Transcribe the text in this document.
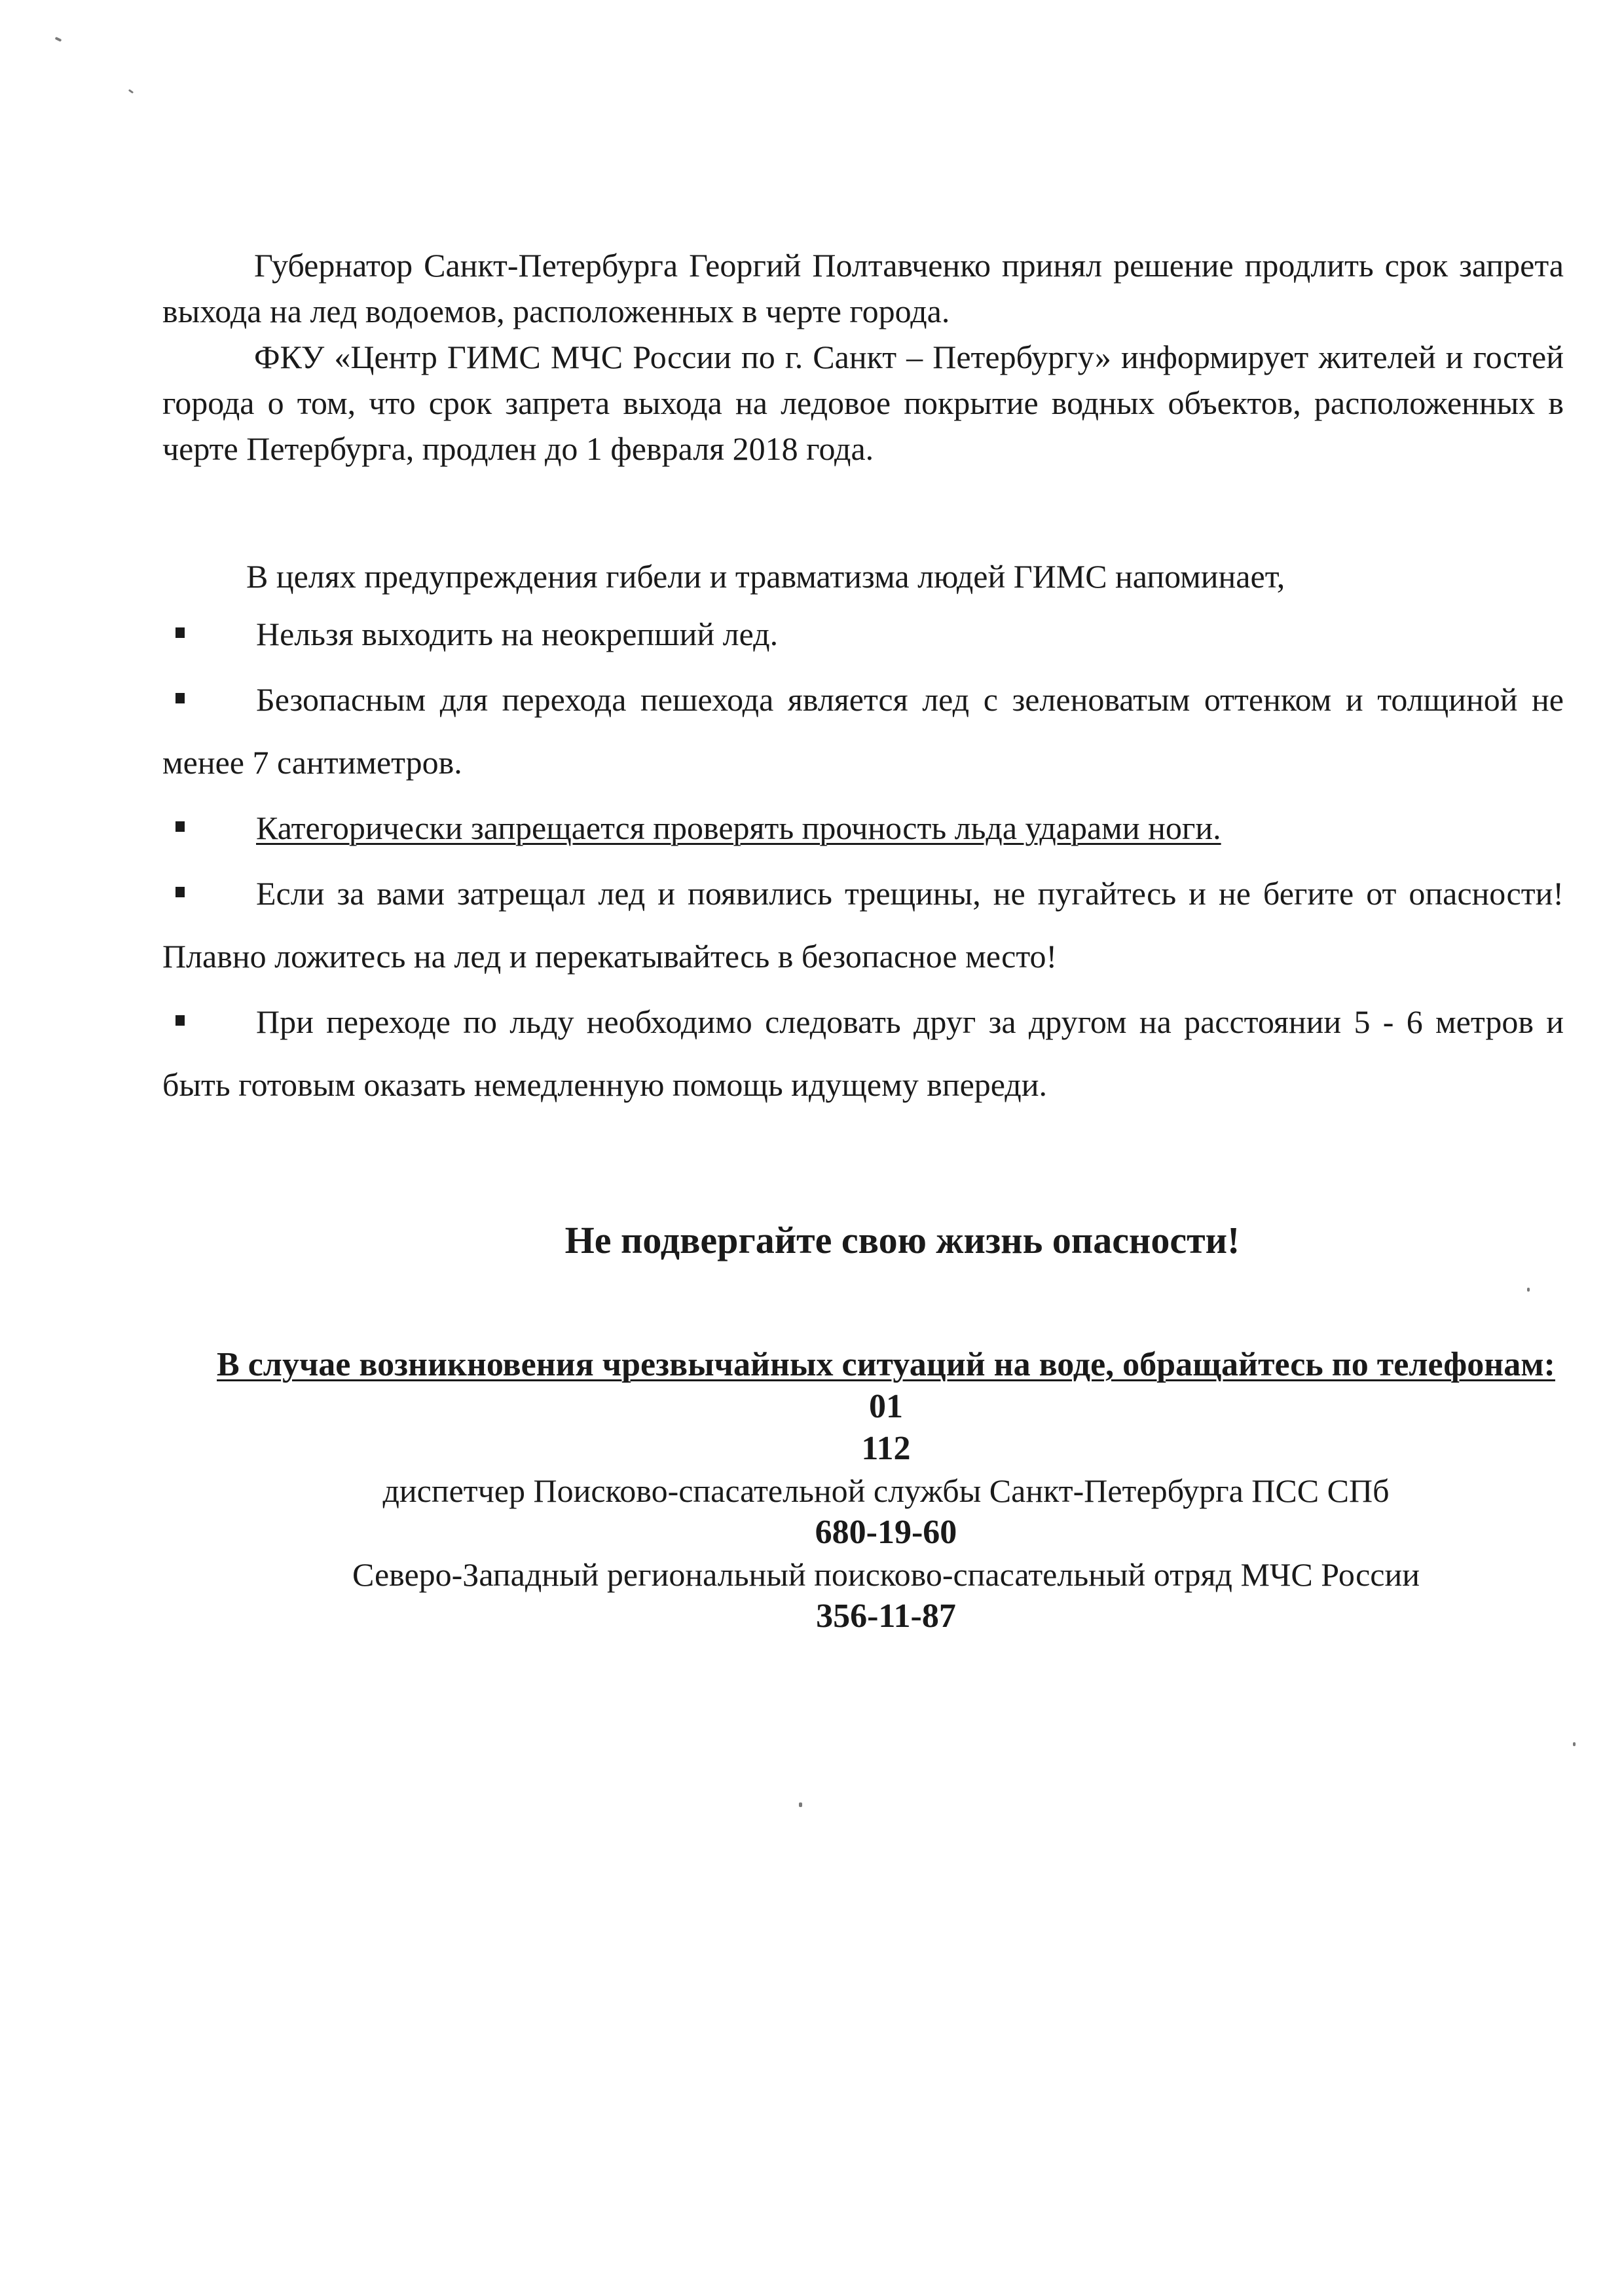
Губернатор Санкт-Петербурга Георгий Полтавченко принял решение продлить срок запрета выхода на лед водоемов, расположенных в черте города.

ФКУ «Центр ГИМС МЧС России по г. Санкт – Петербургу» информирует жителей и гостей города о том, что срок запрета выхода на ледовое покрытие водных объектов, расположенных в черте Петербурга, продлен до 1 февраля 2018 года.

В целях предупреждения гибели и травматизма людей ГИМС напоминает,

Нельзя выходить на неокрепший лед.
Безопасным для перехода пешехода является лед с зеленоватым оттенком и толщиной не менее 7 сантиметров.
Категорически запрещается проверять прочность льда ударами ноги.
Если за вами затрещал лед и появились трещины, не пугайтесь и не бегите от опасности! Плавно ложитесь на лед и перекатывайтесь в безопасное место!
При переходе по льду необходимо следовать друг за другом на расстоянии 5 - 6 метров и быть готовым оказать немедленную помощь идущему впереди.

Не подвергайте свою жизнь опасности!

В случае возникновения чрезвычайных ситуаций на воде, обращайтесь по телефонам:

01

112

диспетчер Поисково-спасательной службы Санкт-Петербурга ПСС СПб

680-19-60

Северо-Западный региональный поисково-спасательный отряд МЧС России

356-11-87
